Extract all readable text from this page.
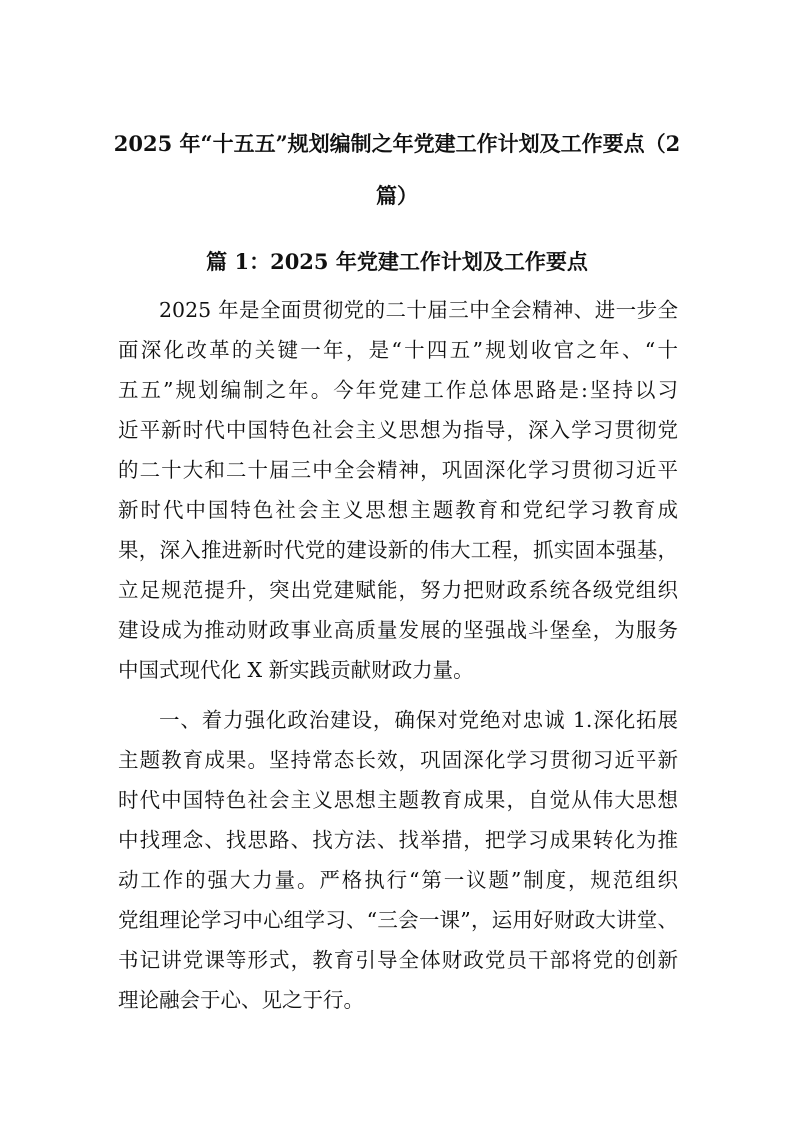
2025 年“十五五”规划编制之年党建工作计划及工作要点（2
篇）
篇 1：2025 年党建工作计划及工作要点
2025 年是全面贯彻党的二十届三中全会精神、进一步全
面深化改革的关键一年，是“十四五”规划收官之年、“十
五五”规划编制之年。今年党建工作总体思路是:坚持以习
近平新时代中国特色社会主义思想为指导，深入学习贯彻党
的二十大和二十届三中全会精神，巩固深化学习贯彻习近平
新时代中国特色社会主义思想主题教育和党纪学习教育成
果，深入推进新时代党的建设新的伟大工程，抓实固本强基，
立足规范提升，突出党建赋能，努力把财政系统各级党组织
建设成为推动财政事业高质量发展的坚强战斗堡垒，为服务
中国式现代化 X 新实践贡献财政力量。
一、着力强化政治建设，确保对党绝对忠诚 1.深化拓展
主题教育成果。坚持常态长效，巩固深化学习贯彻习近平新
时代中国特色社会主义思想主题教育成果，自觉从伟大思想
中找理念、找思路、找方法、找举措，把学习成果转化为推
动工作的强大力量。严格执行“第一议题”制度，规范组织
党组理论学习中心组学习、“三会一课”，运用好财政大讲堂、
书记讲党课等形式，教育引导全体财政党员干部将党的创新
理论融会于心、见之于行。
